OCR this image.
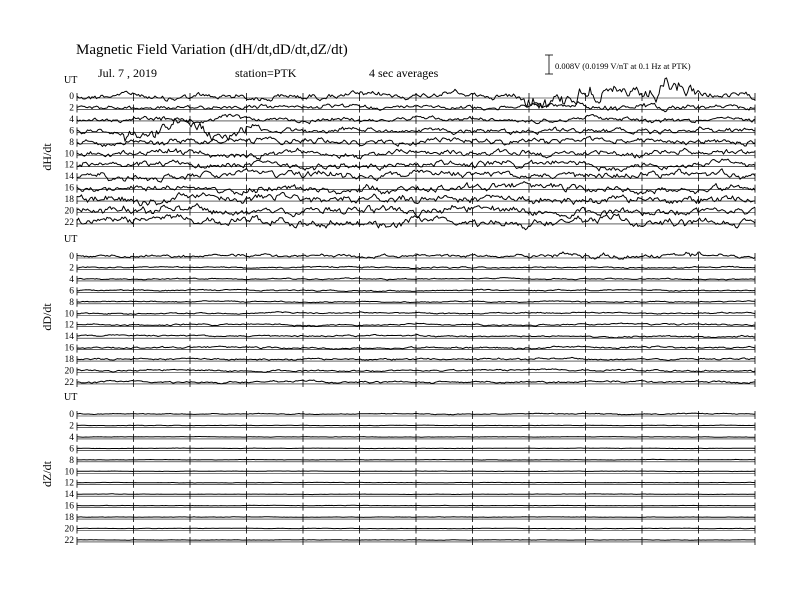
Magnetic Field Variation (dH/dt,dD/dt,dZ/dt)
Jul. 7 , 2019	station=PTK	4 sec averages	0.008V (0.0199 V/nT at 0.1 Hz at PTK)
UT
UT
UT
dH/dt
dD/dt
dZ/dt
0
2
4
6
8
10
12
14
16
18
20
22
0
2
4
6
8
10
12
14
16
18
20
22
0
2
4
6
8
10
12
14
16
18
20
22
